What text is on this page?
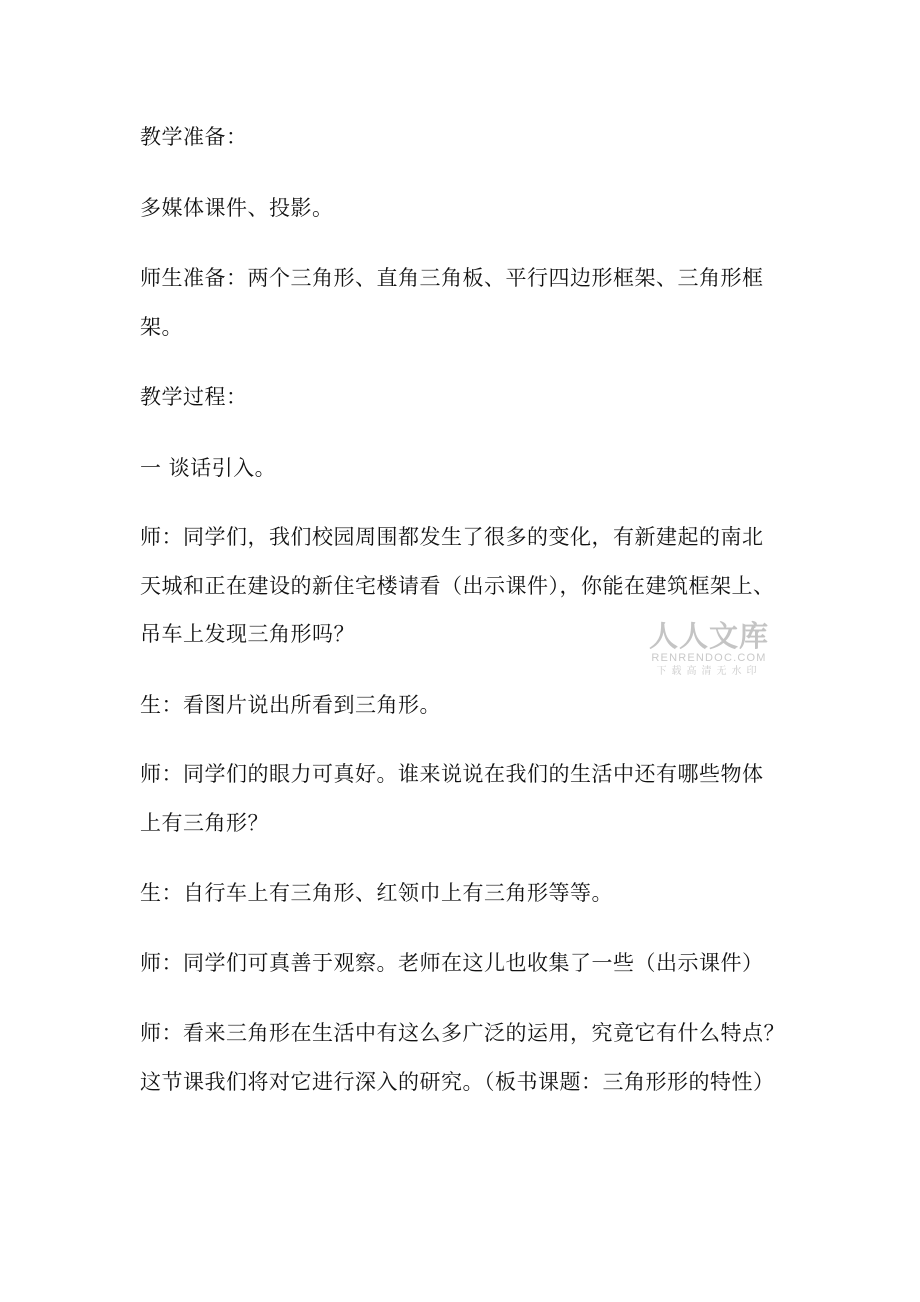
教学准备：
多媒体课件、投影。
师生准备：两个三角形、直角三角板、平行四边形框架、三角形框
架。
教学过程：
一 谈话引入。
师：同学们，我们校园周围都发生了很多的变化，有新建起的南北
天城和正在建设的新住宅楼请看（出示课件），你能在建筑框架上、
吊车上发现三角形吗？
生：看图片说出所看到三角形。
师：同学们的眼力可真好。谁来说说在我们的生活中还有哪些物体
上有三角形？
生：自行车上有三角形、红领巾上有三角形等等。
师：同学们可真善于观察。老师在这儿也收集了一些（出示课件）
师：看来三角形在生活中有这么多广泛的运用，究竟它有什么特点？
这节课我们将对它进行深入的研究。（板书课题：三角形形的特性）
人人文库
RENRENDOC.COM
下载高清无水印
